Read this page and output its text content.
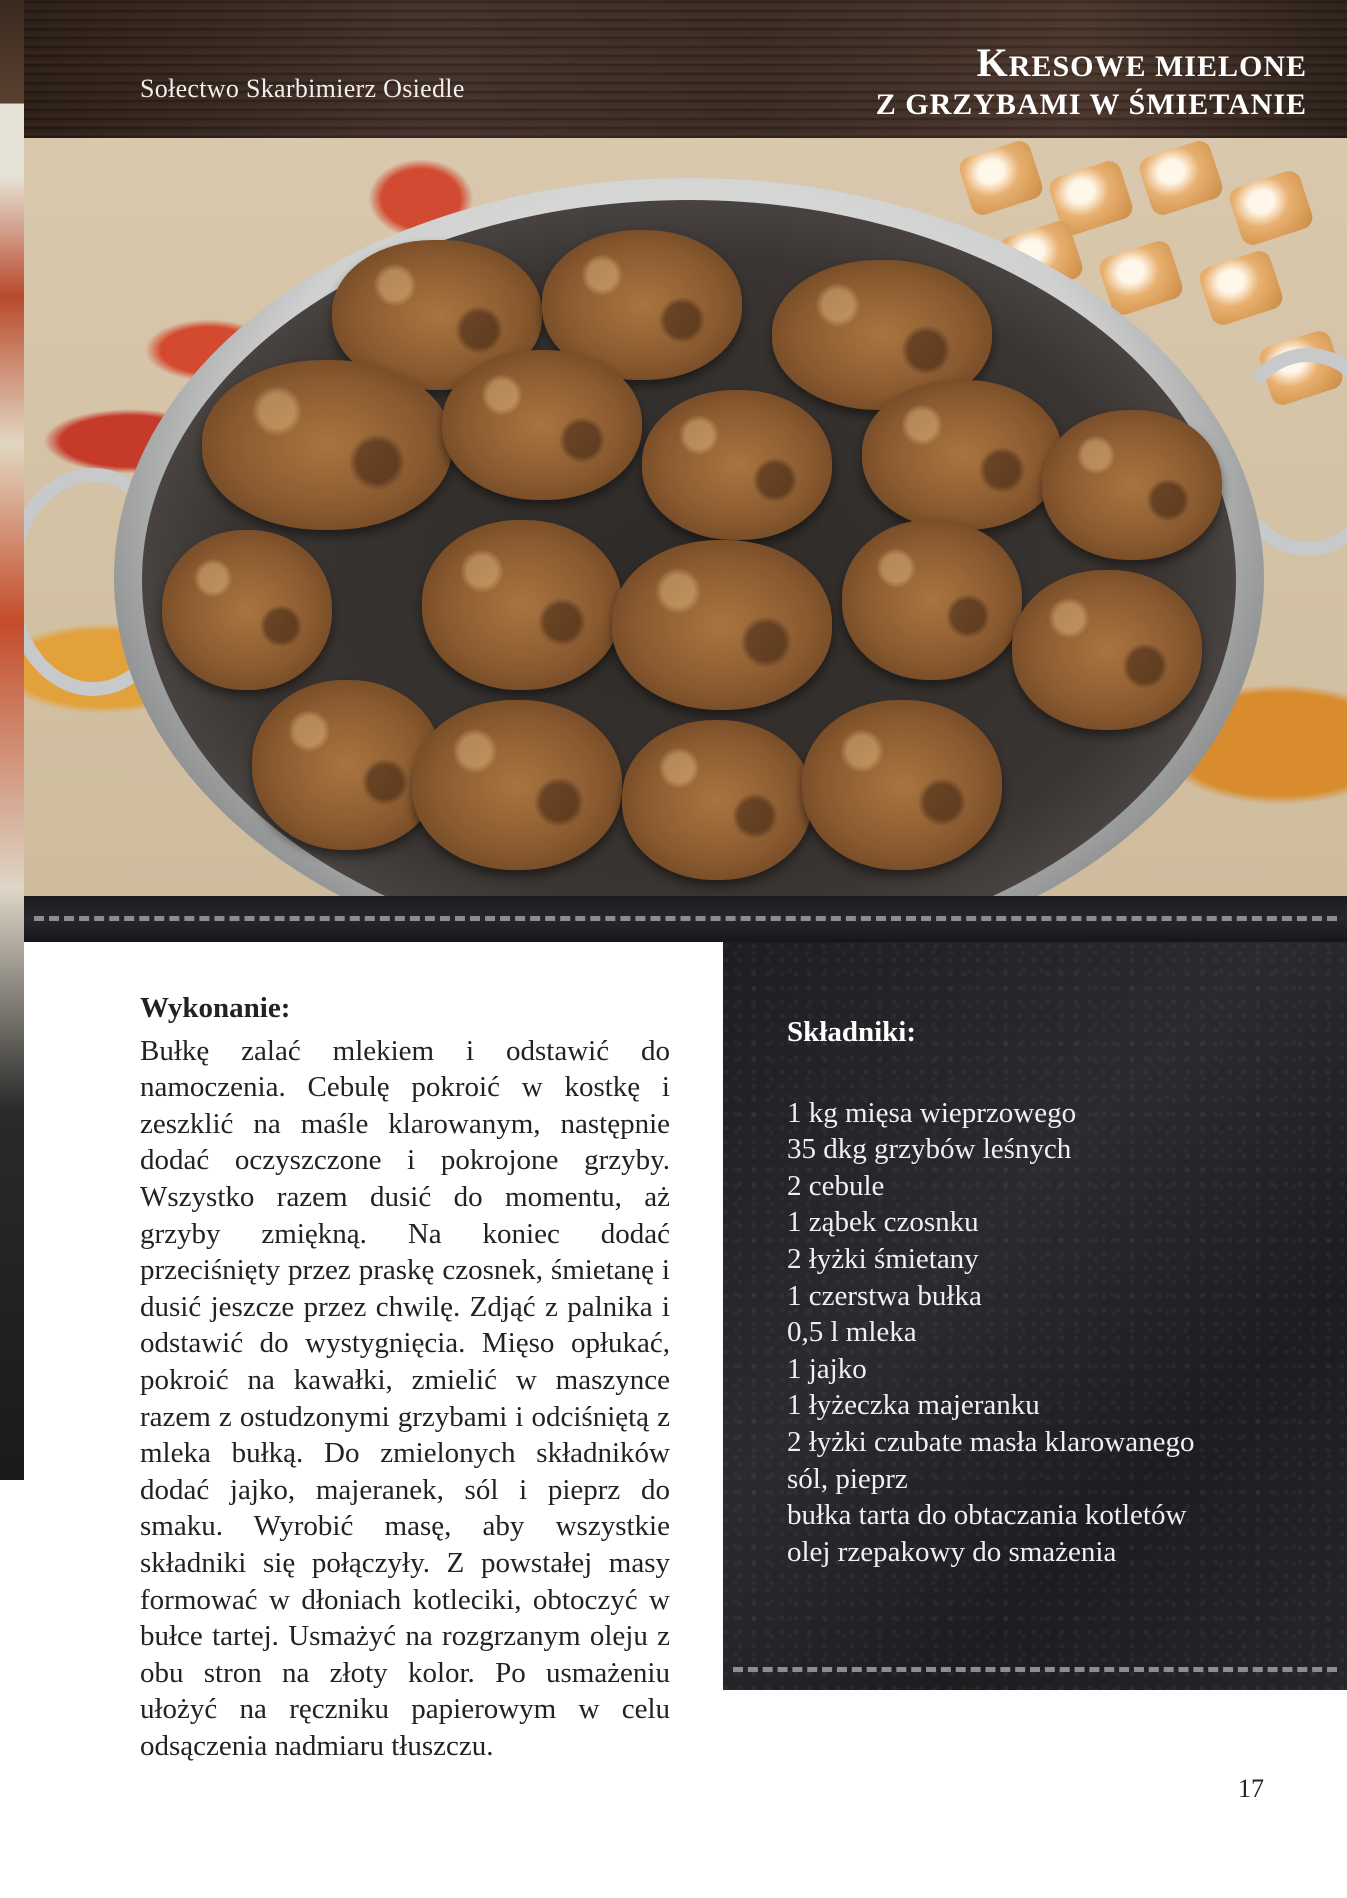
Sołectwo Skarbimierz Osiedle
KRESOWE MIELONE
Z GRZYBAMI W ŚMIETANIE
Wykonanie:

Bułkę zalać mlekiem i odstawić do namoczenia. Cebulę pokroić w kostkę i zeszklić na maśle klarowanym, następnie dodać oczyszczone i pokrojone grzyby. Wszystko razem dusić do momentu, aż grzyby zmiękną. Na koniec dodać przeciśnięty przez praskę czosnek, śmietanę i dusić jeszcze przez chwilę. Zdjąć z palnika i odstawić do wystygnięcia. Mięso opłukać, pokroić na kawałki, zmielić w maszynce razem z ostudzonymi grzybami i odciśniętą z mleka bułką. Do zmielonych składników dodać jajko, majeranek, sól i pieprz do smaku. Wyrobić masę, aby wszystkie składniki się połączyły. Z powstałej masy formować w dłoniach kotleciki, obtoczyć w bułce tartej. Usmażyć na rozgrzanym oleju z obu stron na złoty kolor. Po usmażeniu ułożyć na ręczniku papierowym w celu odsączenia nadmiaru tłuszczu.

Składniki:
1 kg mięsa wieprzowego
35 dkg grzybów leśnych
2 cebule
1 ząbek czosnku
2 łyżki śmietany
1 czerstwa bułka
0,5 l mleka
1 jajko
1 łyżeczka majeranku
2 łyżki czubate masła klarowanego
sól, pieprz
bułka tarta do obtaczania kotletów
olej rzepakowy do smażenia
17
